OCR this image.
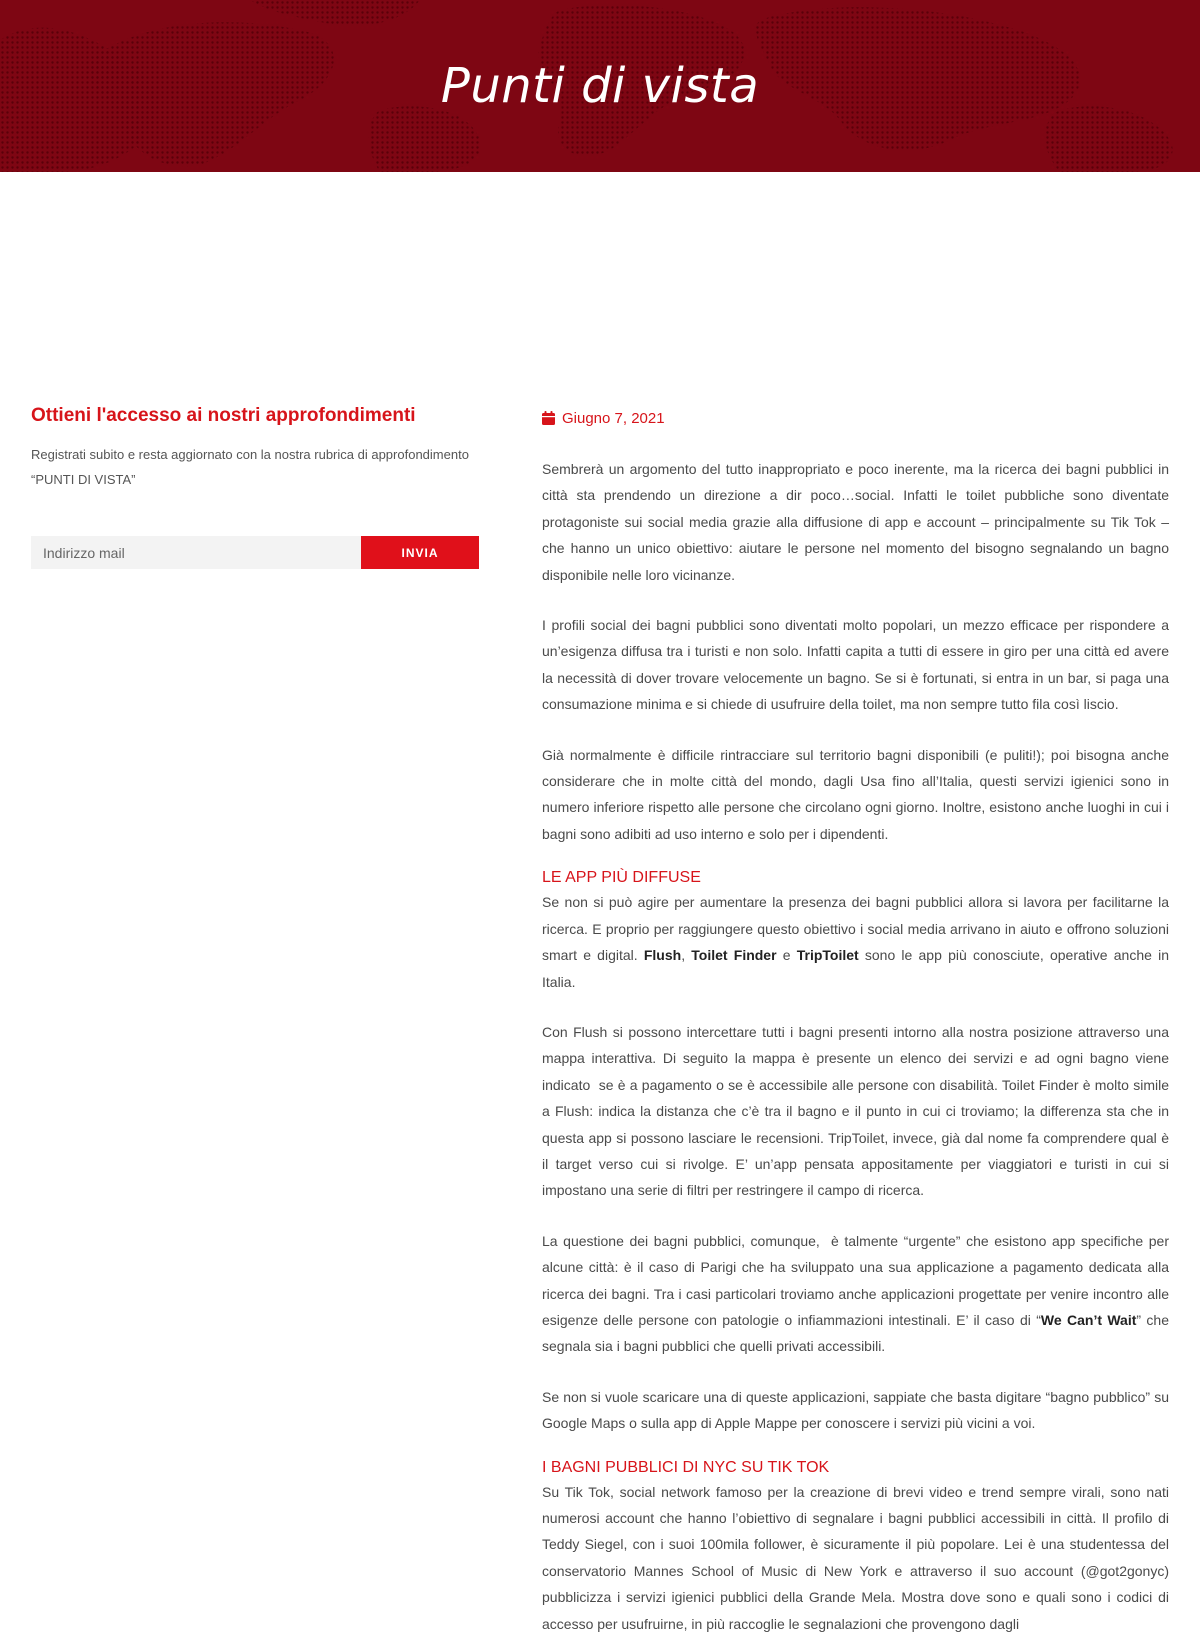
Punti di vista
Ottieni l'accesso ai nostri approfondimenti

Registrati subito e resta aggiornato con la nostra rubrica di approfondimento “PUNTI DI VISTA”

Indirizzo mail
INVIA
Giugno 7, 2021

Sembrerà un argomento del tutto inappropriato e poco inerente, ma la ricerca dei bagni pubblici in città sta prendendo un direzione a dir poco…social. Infatti le toilet pubbliche sono diventate protagoniste sui social media grazie alla diffusione di app e account – principalmente su Tik Tok – che hanno un unico obiettivo: aiutare le persone nel momento del bisogno segnalando un bagno disponibile nelle loro vicinanze.

I profili social dei bagni pubblici sono diventati molto popolari, un mezzo efficace per rispondere a un’esigenza diffusa tra i turisti e non solo. Infatti capita a tutti di essere in giro per una città ed avere la necessità di dover trovare velocemente un bagno. Se si è fortunati, si entra in un bar, si paga una consumazione minima e si chiede di usufruire della toilet, ma non sempre tutto fila così liscio.

Già normalmente è difficile rintracciare sul territorio bagni disponibili (e puliti!); poi bisogna anche considerare che in molte città del mondo, dagli Usa fino all’Italia, questi servizi igienici sono in numero inferiore rispetto alle persone che circolano ogni giorno. Inoltre, esistono anche luoghi in cui i bagni sono adibiti ad uso interno e solo per i dipendenti.

LE APP PIÙ DIFFUSE

Se non si può agire per aumentare la presenza dei bagni pubblici allora si lavora per facilitarne la ricerca. E proprio per raggiungere questo obiettivo i social media arrivano in aiuto e offrono soluzioni smart e digital. Flush, Toilet Finder e TripToilet sono le app più conosciute, operative anche in Italia.

Con Flush si possono intercettare tutti i bagni presenti intorno alla nostra posizione attraverso una mappa interattiva. Di seguito la mappa è presente un elenco dei servizi e ad ogni bagno viene indicato  se è a pagamento o se è accessibile alle persone con disabilità. Toilet Finder è molto simile a Flush: indica la distanza che c’è tra il bagno e il punto in cui ci troviamo; la differenza sta che in questa app si possono lasciare le recensioni. TripToilet, invece, già dal nome fa comprendere qual è il target verso cui si rivolge. E’ un’app pensata appositamente per viaggiatori e turisti in cui si impostano una serie di filtri per restringere il campo di ricerca.

La questione dei bagni pubblici, comunque,  è talmente “urgente” che esistono app specifiche per alcune città: è il caso di Parigi che ha sviluppato una sua applicazione a pagamento dedicata alla ricerca dei bagni. Tra i casi particolari troviamo anche applicazioni progettate per venire incontro alle esigenze delle persone con patologie o infiammazioni intestinali. E’ il caso di “We Can’t Wait” che segnala sia i bagni pubblici che quelli privati accessibili.

Se non si vuole scaricare una di queste applicazioni, sappiate che basta digitare “bagno pubblico” su Google Maps o sulla app di Apple Mappe per conoscere i servizi più vicini a voi.

I BAGNI PUBBLICI DI NYC SU TIK TOK

Su Tik Tok, social network famoso per la creazione di brevi video e trend sempre virali, sono nati numerosi account che hanno l’obiettivo di segnalare i bagni pubblici accessibili in città. Il profilo di Teddy Siegel, con i suoi 100mila follower, è sicuramente il più popolare. Lei è una studentessa del conservatorio Mannes School of Music di New York e attraverso il suo account (@got2gonyc) pubblicizza i servizi igienici pubblici della Grande Mela. Mostra dove sono e quali sono i codici di accesso per usufruirne, in più raccoglie le segnalazioni che provengono dagli
